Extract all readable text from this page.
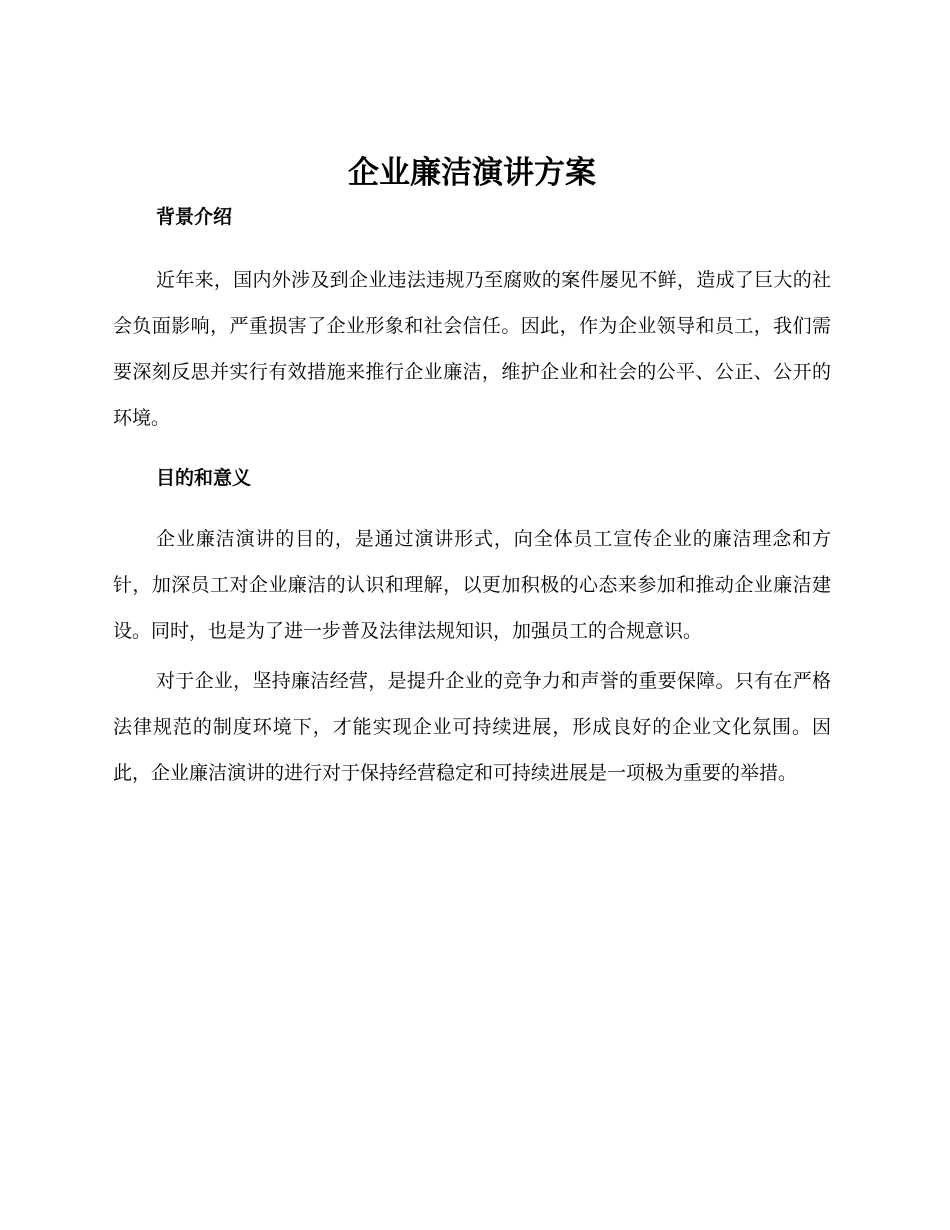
企业廉洁演讲方案
背景介绍

近年来，国内外涉及到企业违法违规乃至腐败的案件屡见不鲜，造成了巨大的社会负面影响，严重损害了企业形象和社会信任。因此，作为企业领导和员工，我们需要深刻反思并实行有效措施来推行企业廉洁，维护企业和社会的公平、公正、公开的环境。

目的和意义

企业廉洁演讲的目的，是通过演讲形式，向全体员工宣传企业的廉洁理念和方针，加深员工对企业廉洁的认识和理解，以更加积极的心态来参加和推动企业廉洁建设。同时，也是为了进一步普及法律法规知识，加强员工的合规意识。

对于企业，坚持廉洁经营，是提升企业的竞争力和声誉的重要保障。只有在严格法律规范的制度环境下，才能实现企业可持续进展，形成良好的企业文化氛围。因此，企业廉洁演讲的进行对于保持经营稳定和可持续进展是一项极为重要的举措。
